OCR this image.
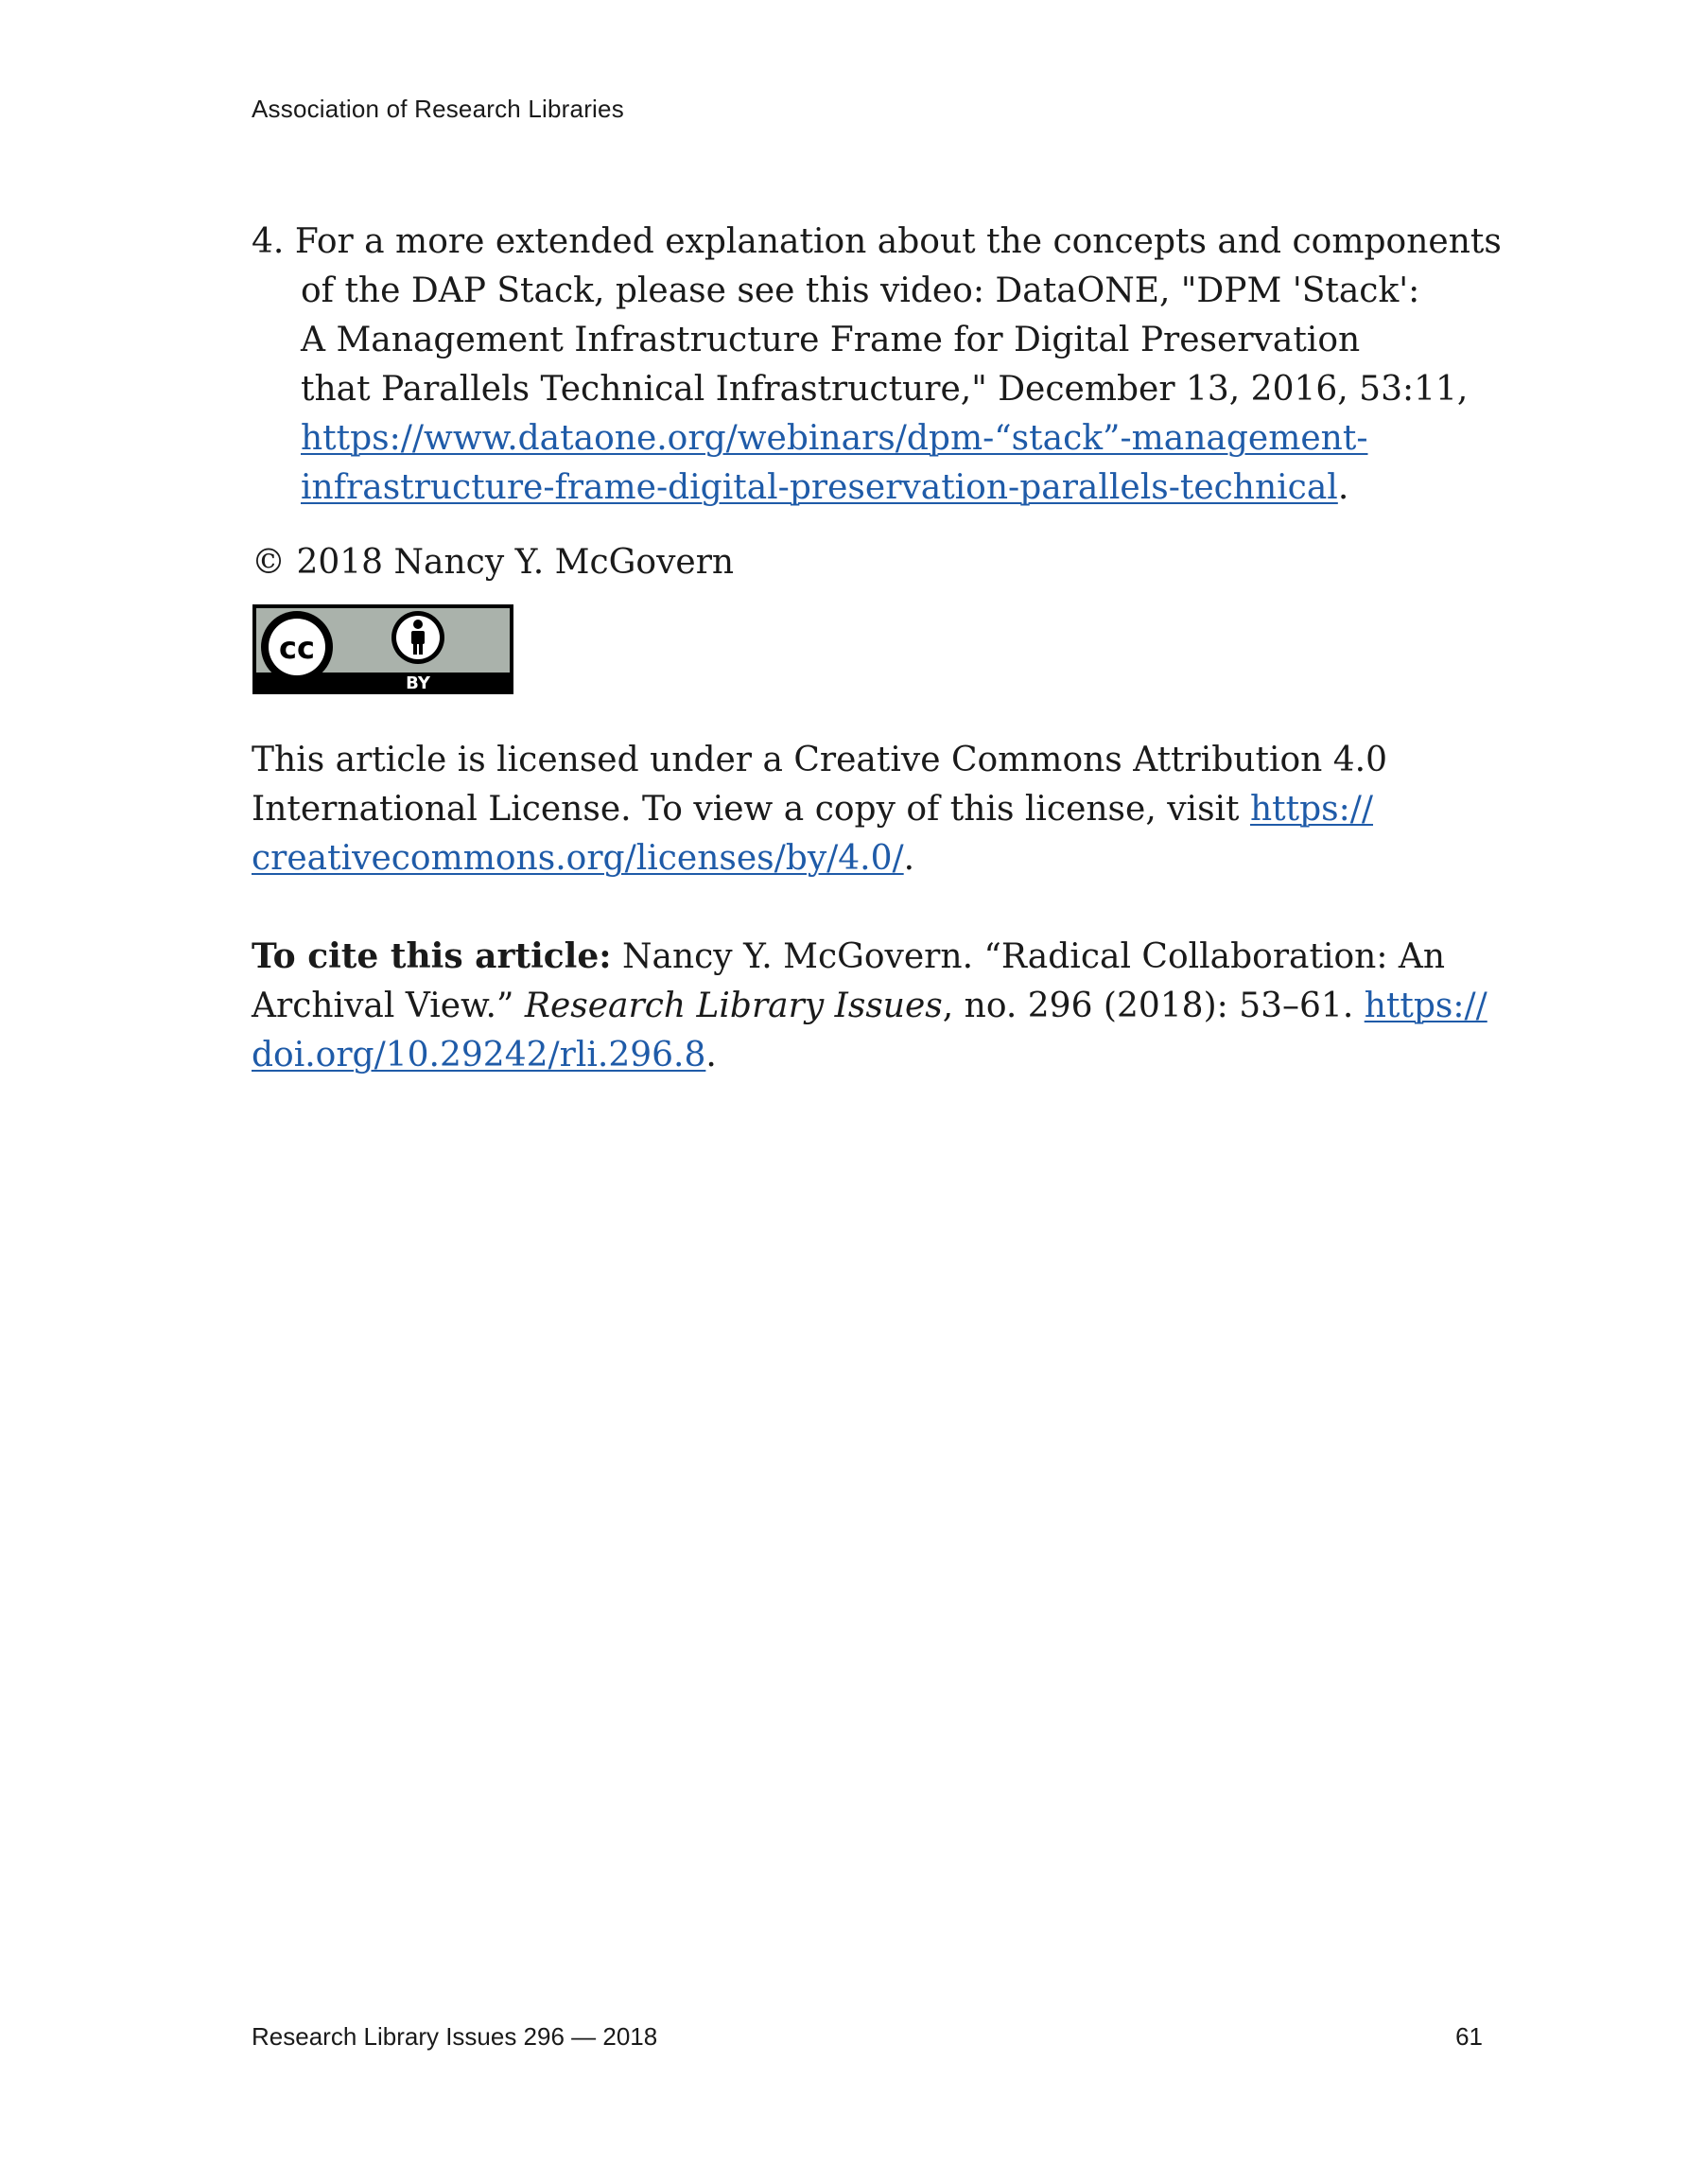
Association of Research Libraries

4. For a more extended explanation about the concepts and components

of the DAP Stack, please see this video: DataONE, "DPM 'Stack':
A Management Infrastructure Frame for Digital Preservation
that Parallels Technical Infrastructure," December 13, 2016, 53:11,
https://www.dataone.org/webinars/dpm-“stack”-management-
infrastructure-frame-digital-preservation-parallels-technical.

© 2018 Nancy Y. McGovern

cc
BY
This article is licensed under a Creative Commons Attribution 4.0
International License. To view a copy of this license, visit https://
creativecommons.org/licenses/by/4.0/.
To cite this article: Nancy Y. McGovern. “Radical Collaboration: An
Archival View.” Research Library Issues, no. 296 (2018): 53–61. https://
doi.org/10.29242/rli.296.8.
Research Library Issues 296 — 2018	61
